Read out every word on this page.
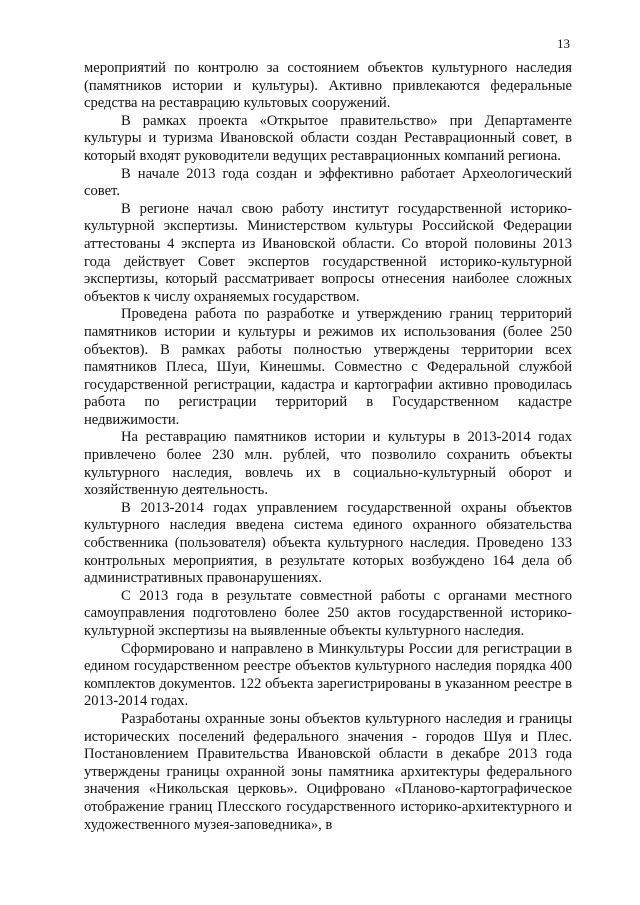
13

мероприятий по контролю за состоянием объектов культурного наследия (памятников истории и культуры). Активно привлекаются федеральные средства на реставрацию культовых сооружений.

В рамках проекта «Открытое правительство» при Департаменте культуры и туризма Ивановской области создан Реставрационный совет, в который входят руководители ведущих реставрационных компаний региона.

В начале 2013 года создан и эффективно работает Археологический совет.

В регионе начал свою работу институт государственной историко-культурной экспертизы. Министерством культуры Российской Федерации аттестованы 4 эксперта из Ивановской области. Со второй половины 2013 года действует Совет экспертов государственной историко-культурной экспертизы, который рассматривает вопросы отнесения наиболее сложных объектов к числу охраняемых государством.

Проведена работа по разработке и утверждению границ территорий памятников истории и культуры и режимов их использования (более 250 объектов). В рамках работы полностью утверждены территории всех памятников Плеса, Шуи, Кинешмы. Совместно с Федеральной службой государственной регистрации, кадастра и картографии активно проводилась работа по регистрации территорий в Государственном кадастре недвижимости.

На реставрацию памятников истории и культуры в 2013-2014 годах привлечено более 230 млн. рублей, что позволило сохранить объекты культурного наследия, вовлечь их в социально-культурный оборот и хозяйственную деятельность.

В 2013-2014 годах управлением государственной охраны объектов культурного наследия введена система единого охранного обязательства собственника (пользователя) объекта культурного наследия. Проведено 133 контрольных мероприятия, в результате которых возбуждено 164 дела об административных правонарушениях.

С 2013 года в результате совместной работы с органами местного самоуправления подготовлено более 250 актов государственной историко-культурной экспертизы на выявленные объекты культурного наследия.

Сформировано и направлено в Минкультуры России для регистрации в едином государственном реестре объектов культурного наследия порядка 400 комплектов документов. 122 объекта зарегистрированы в указанном реестре в 2013-2014 годах.

Разработаны охранные зоны объектов культурного наследия и границы исторических поселений федерального значения - городов Шуя и Плес. Постановлением Правительства Ивановской области в декабре 2013 года утверждены границы охранной зоны памятника архитектуры федерального значения «Никольская церковь». Оцифровано «Планово-картографическое отображение границ Плесского государственного историко-архитектурного и художественного музея-заповедника», в
